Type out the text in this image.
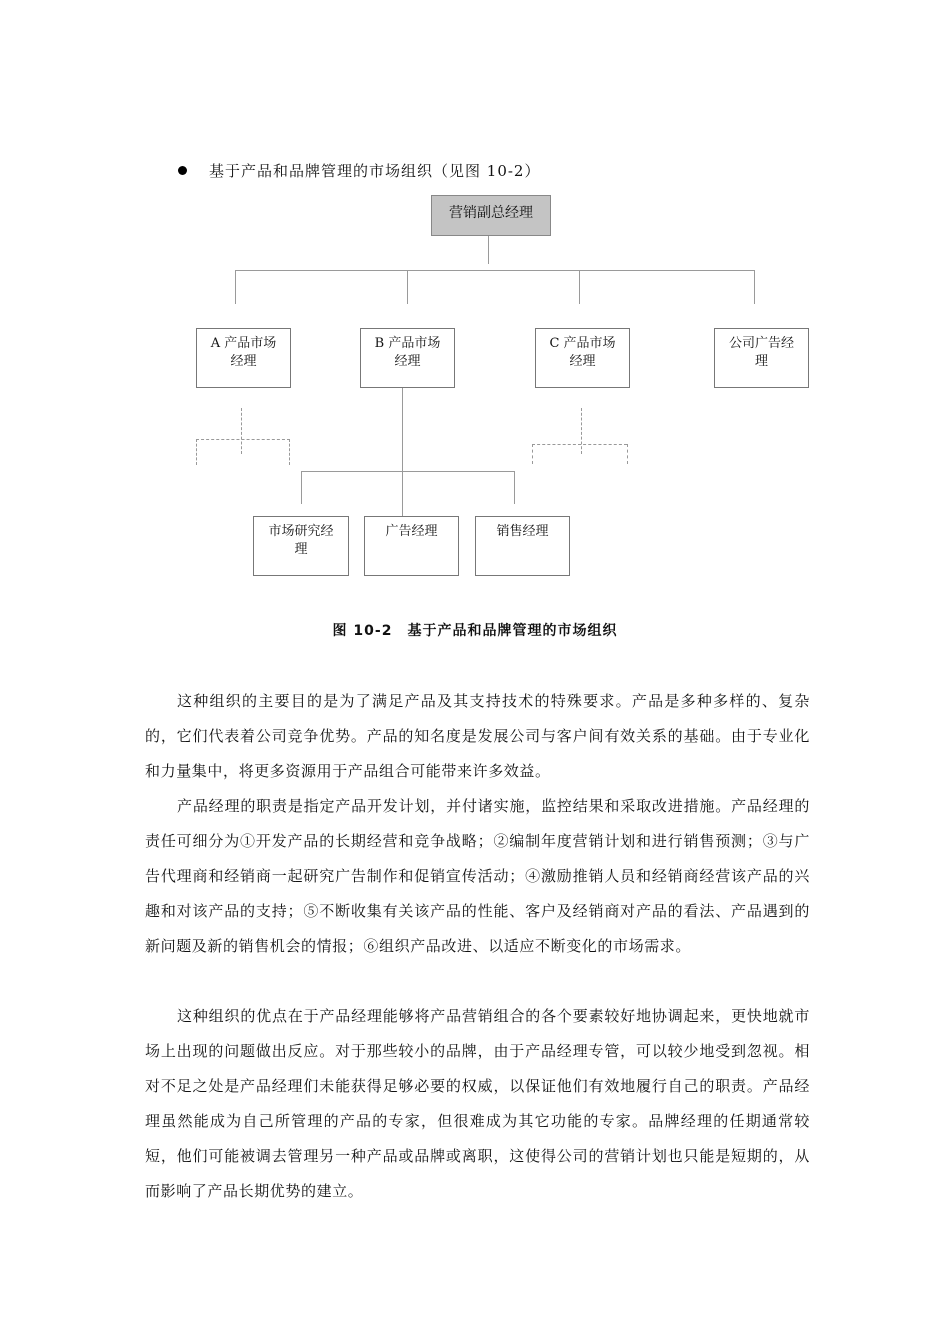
基于产品和品牌管理的市场组织（见图 10-2）
营销副总经理
A 产品市场经理
B 产品市场经理
C 产品市场经理
公司广告经理
市场研究经理
广告经理	销售经理
图 10-2　基于产品和品牌管理的市场组织

这种组织的主要目的是为了满足产品及其支持技术的特殊要求。产品是多种多样的、复杂的，它们代表着公司竞争优势。产品的知名度是发展公司与客户间有效关系的基础。由于专业化和力量集中，将更多资源用于产品组合可能带来许多效益。

产品经理的职责是指定产品开发计划，并付诸实施，监控结果和采取改进措施。产品经理的责任可细分为①开发产品的长期经营和竞争战略；②编制年度营销计划和进行销售预测；③与广告代理商和经销商一起研究广告制作和促销宣传活动；④激励推销人员和经销商经营该产品的兴趣和对该产品的支持；⑤不断收集有关该产品的性能、客户及经销商对产品的看法、产品遇到的新问题及新的销售机会的情报；⑥组织产品改进、以适应不断变化的市场需求。

这种组织的优点在于产品经理能够将产品营销组合的各个要素较好地协调起来，更快地就市场上出现的问题做出反应。对于那些较小的品牌，由于产品经理专管，可以较少地受到忽视。相对不足之处是产品经理们未能获得足够必要的权威，以保证他们有效地履行自己的职责。产品经理虽然能成为自己所管理的产品的专家，但很难成为其它功能的专家。品牌经理的任期通常较短，他们可能被调去管理另一种产品或品牌或离职，这使得公司的营销计划也只能是短期的，从而影响了产品长期优势的建立。
